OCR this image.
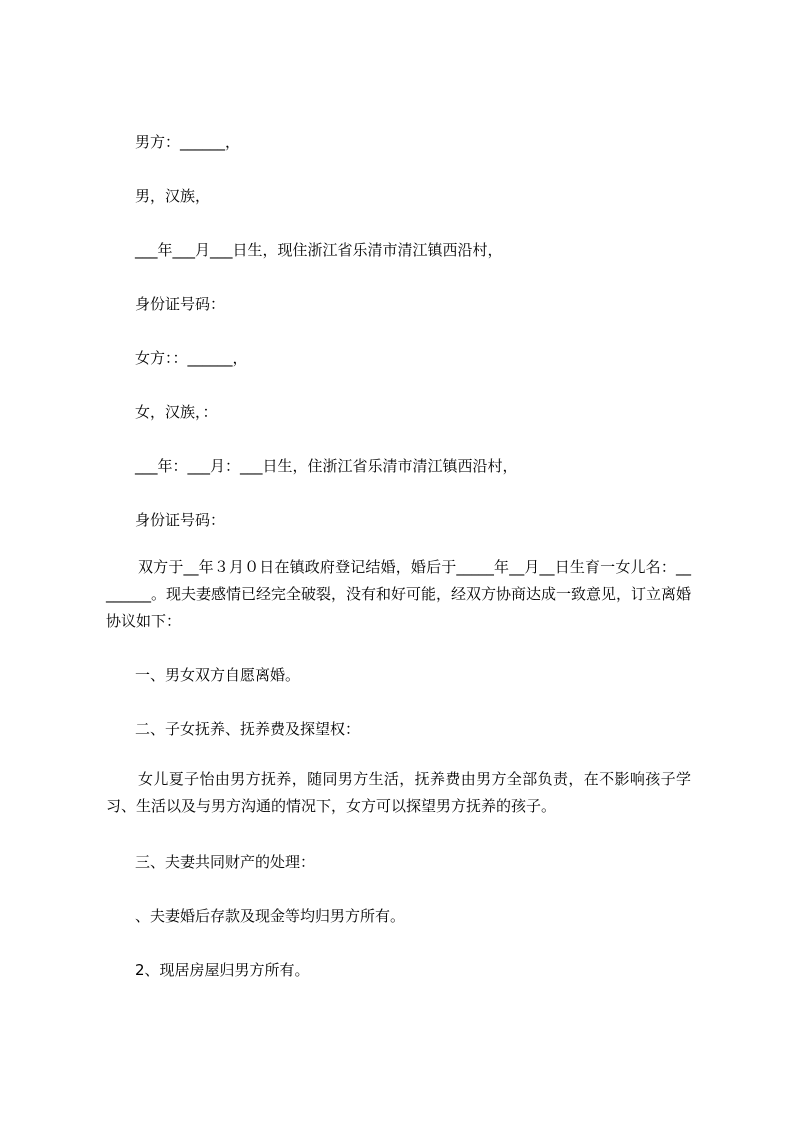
男方：______，
男，汉族，
___年___月___日生，现住浙江省乐清市清江镇西沿村，
身份证号码：
女方：：______，
女，汉族，：
___年：___月：___日生，住浙江省乐清市清江镇西沿村，
身份证号码：
双方于__年３月０日在镇政府登记结婚，婚后于_____年__月__日生育一女儿名：________。现夫妻感情已经完全破裂，没有和好可能，经双方协商达成一致意见，订立离婚协议如下：
一、男女双方自愿离婚。
二、子女抚养、抚养费及探望权：
女儿夏子怡由男方抚养，随同男方生活，抚养费由男方全部负责，在不影响孩子学习、生活以及与男方沟通的情况下，女方可以探望男方抚养的孩子。
三、夫妻共同财产的处理：
、夫妻婚后存款及现金等均归男方所有。
2、现居房屋归男方所有。
